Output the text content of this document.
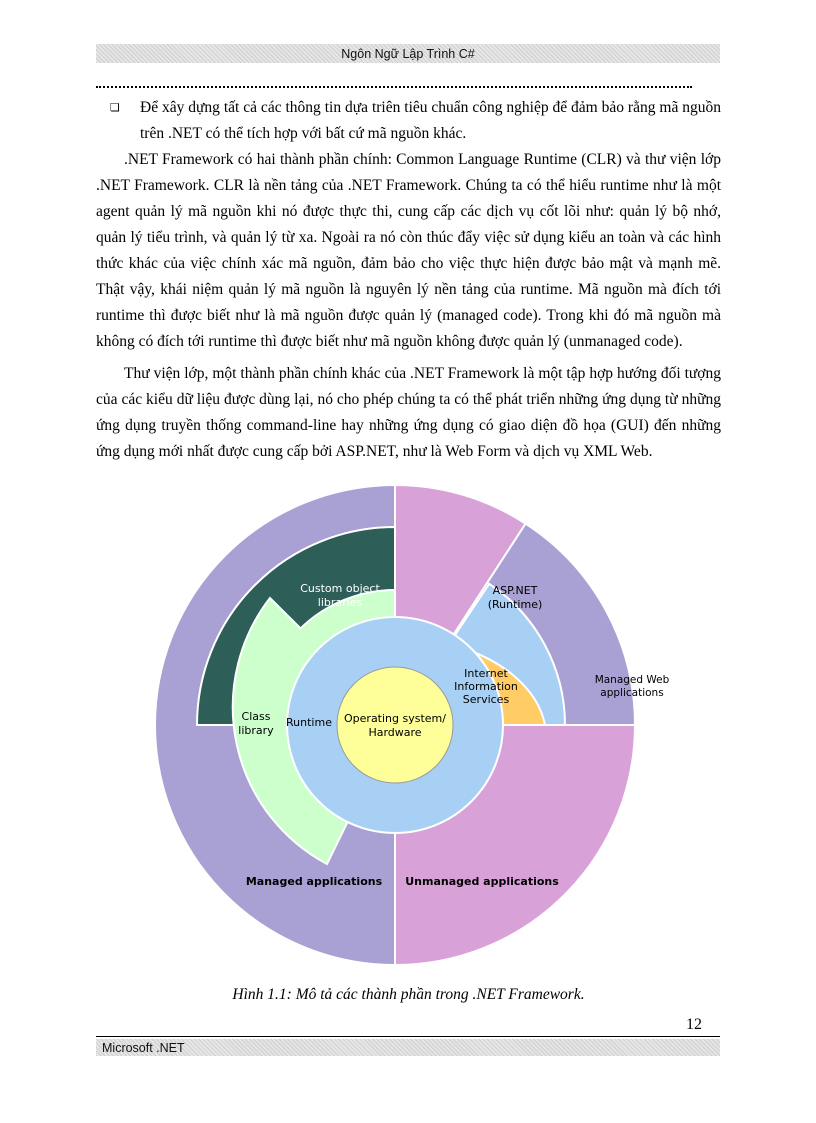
Ngôn Ngữ Lập Trình C#
❏ Để xây dựng tất cả các thông tin dựa triên tiêu chuẩn công nghiệp để đảm bảo rằng mã nguồn trên .NET có thể tích hợp với bất cứ mã nguồn khác.
.NET Framework có hai thành phần chính: Common Language Runtime (CLR) và thư viện lớp .NET Framework. CLR là nền tảng của .NET Framework. Chúng ta có thể hiểu runtime như là một agent quản lý mã nguồn khi nó được thực thi, cung cấp các dịch vụ cốt lõi như: quản lý bộ nhớ, quản lý tiểu trình, và quản lý từ xa. Ngoài ra nó còn thúc đẩy việc sử dụng kiểu an toàn và các hình thức khác của việc chính xác mã nguồn, đảm bảo cho việc thực hiện được bảo mật và mạnh mẽ. Thật vậy, khái niệm quản lý mã nguồn là nguyên lý nền tảng của runtime. Mã nguồn mà đích tới runtime thì được biết như là mã nguồn được quản lý (managed code). Trong khi đó mã nguồn mà không có đích tới runtime thì được biết như mã nguồn không được quản lý (unmanaged code).
Thư viện lớp, một thành phần chính khác của .NET Framework là một tập hợp hướng đối tượng của các kiểu dữ liệu được dùng lại, nó cho phép chúng ta có thể phát triển những ứng dụng từ những ứng dụng truyền thống command-line hay những ứng dụng có giao diện đồ họa (GUI) đến những ứng dụng mới nhất được cung cấp bởi ASP.NET, như là Web Form và dịch vụ XML Web.
Custom object
libraries
ASP.NET
(Runtime)
Internet
Information
Services
Managed Web
applications
Class
library
Runtime Operating system/
Hardware
Managed applications Unmanaged applications
Hình 1.1: Mô tả các thành phần trong .NET Framework.
12
Microsoft .NET
